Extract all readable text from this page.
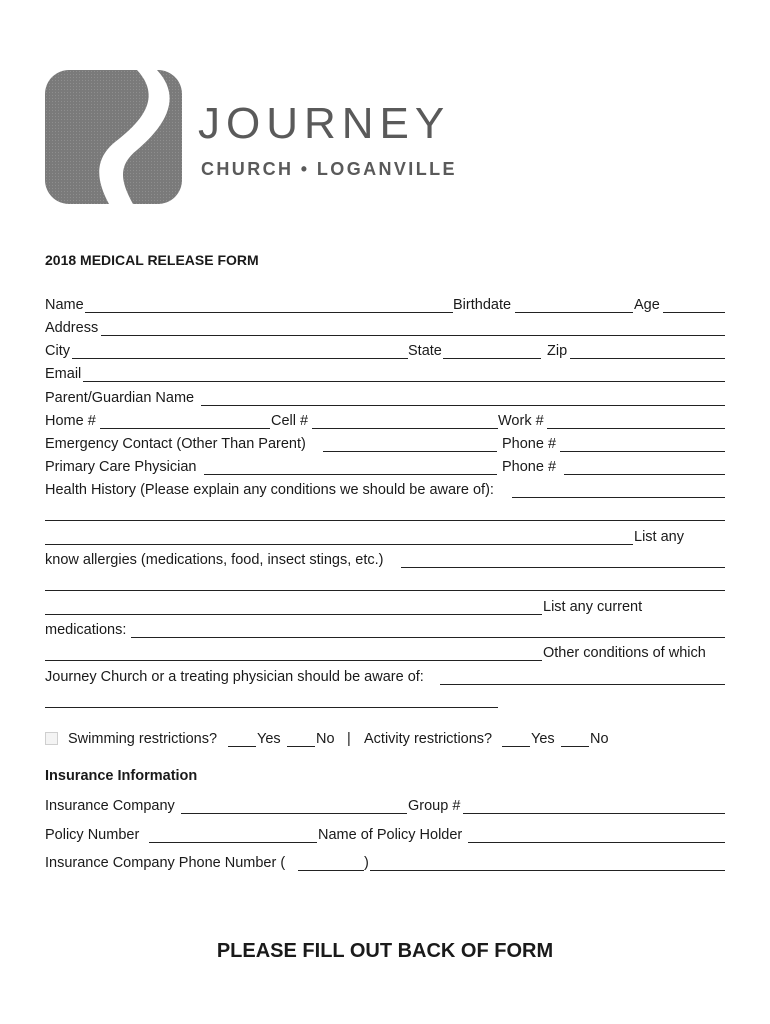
JOURNEY
CHURCH • LOGANVILLE
2018 MEDICAL RELEASE FORM
Name	Birthdate	Age
Address
City	State	Zip
Email
Parent/Guardian Name
Home #	Cell #	Work #
Emergency Contact (Other Than Parent)	Phone #
Primary Care Physician	Phone #
Health History (Please explain any conditions we should be aware of):
List any
know allergies (medications, food, insect stings, etc.)
List any current
medications:
Other conditions of which
Journey Church or a treating physician should be aware of:
Swimming restrictions?	Yes No | Activity restrictions?	Yes No
Insurance Information
Insurance Company	Group #
Policy Number	Name of Policy Holder
Insurance Company Phone Number (	)
PLEASE FILL OUT BACK OF FORM
